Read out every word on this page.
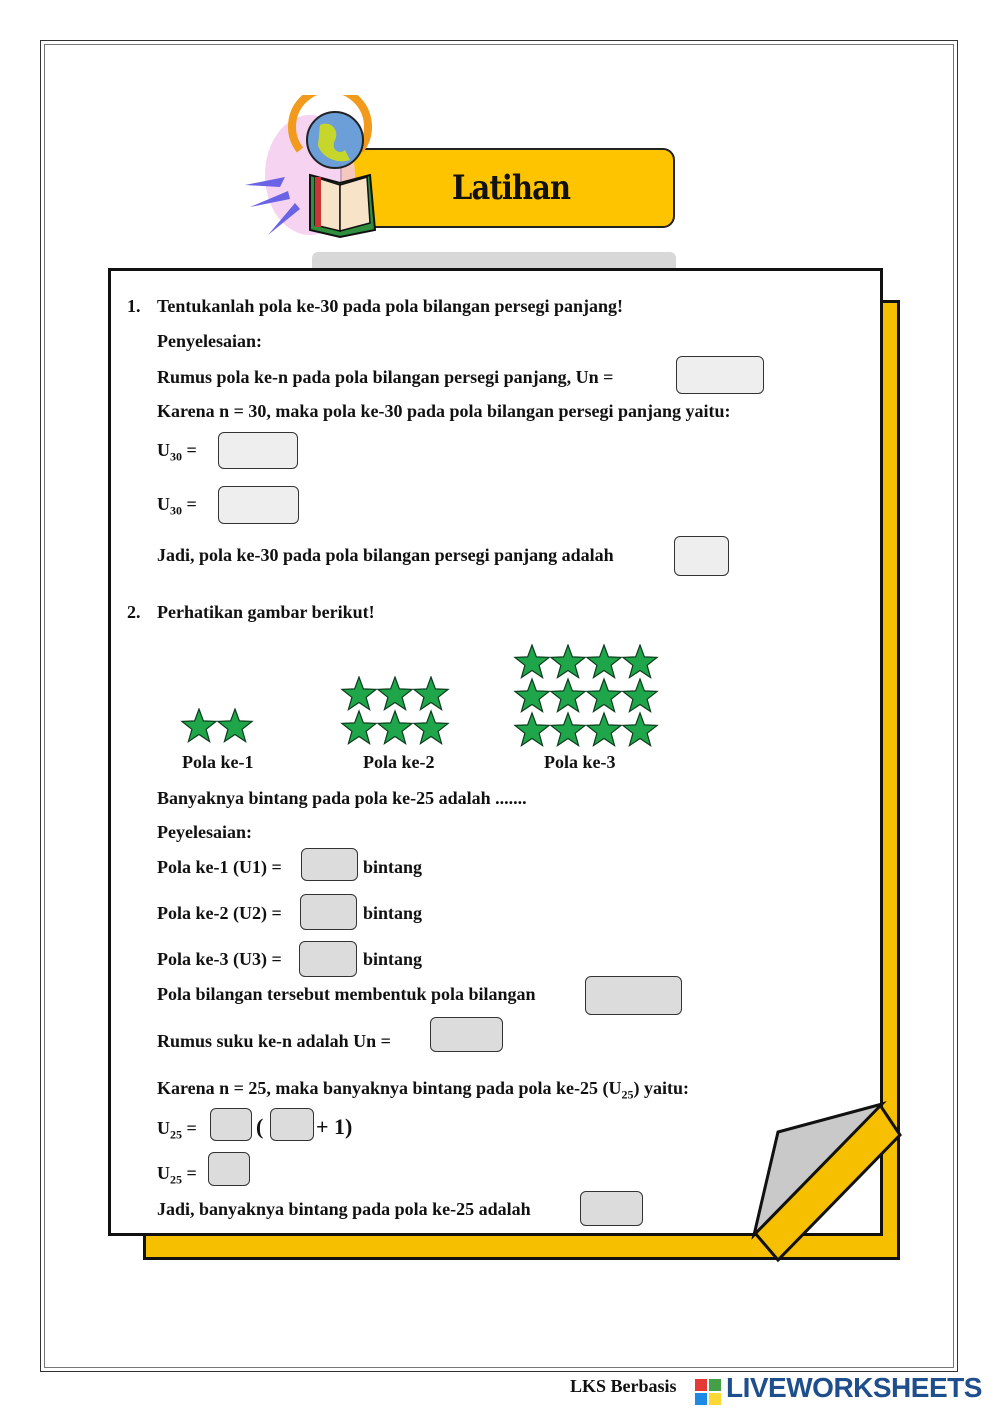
Latihan
1. Tentukanlah pola ke-30 pada pola bilangan persegi panjang!
Penyelesaian:
Rumus pola ke-n pada pola bilangan persegi panjang, Un =
Karena n = 30, maka pola ke-30 pada pola bilangan persegi panjang yaitu:
$U_{30}$ =
$U_{30}$ =
Jadi, pola ke-30 pada pola bilangan persegi panjang adalah
2. Perhatikan gambar berikut!
Pola ke-1	Pola ke-2	Pola ke-3
Banyaknya bintang pada pola ke-25 adalah .......
Peyelesaian:
Pola ke-1 (U1) =	bintang
Pola ke-2 (U2) =	bintang
Pola ke-3 (U3) =	bintang
Pola bilangan tersebut membentuk pola bilangan
Rumus suku ke-n adalah Un =
Karena n = 25, maka banyaknya bintang pada pola ke-25 $(U_{25})$ yaitu:
$U_{25}$ =	( + 1)
$U_{25}$ =
Jadi, banyaknya bintang pada pola ke-25 adalah
LKS Berbasis LIVEWORKSHEETS
